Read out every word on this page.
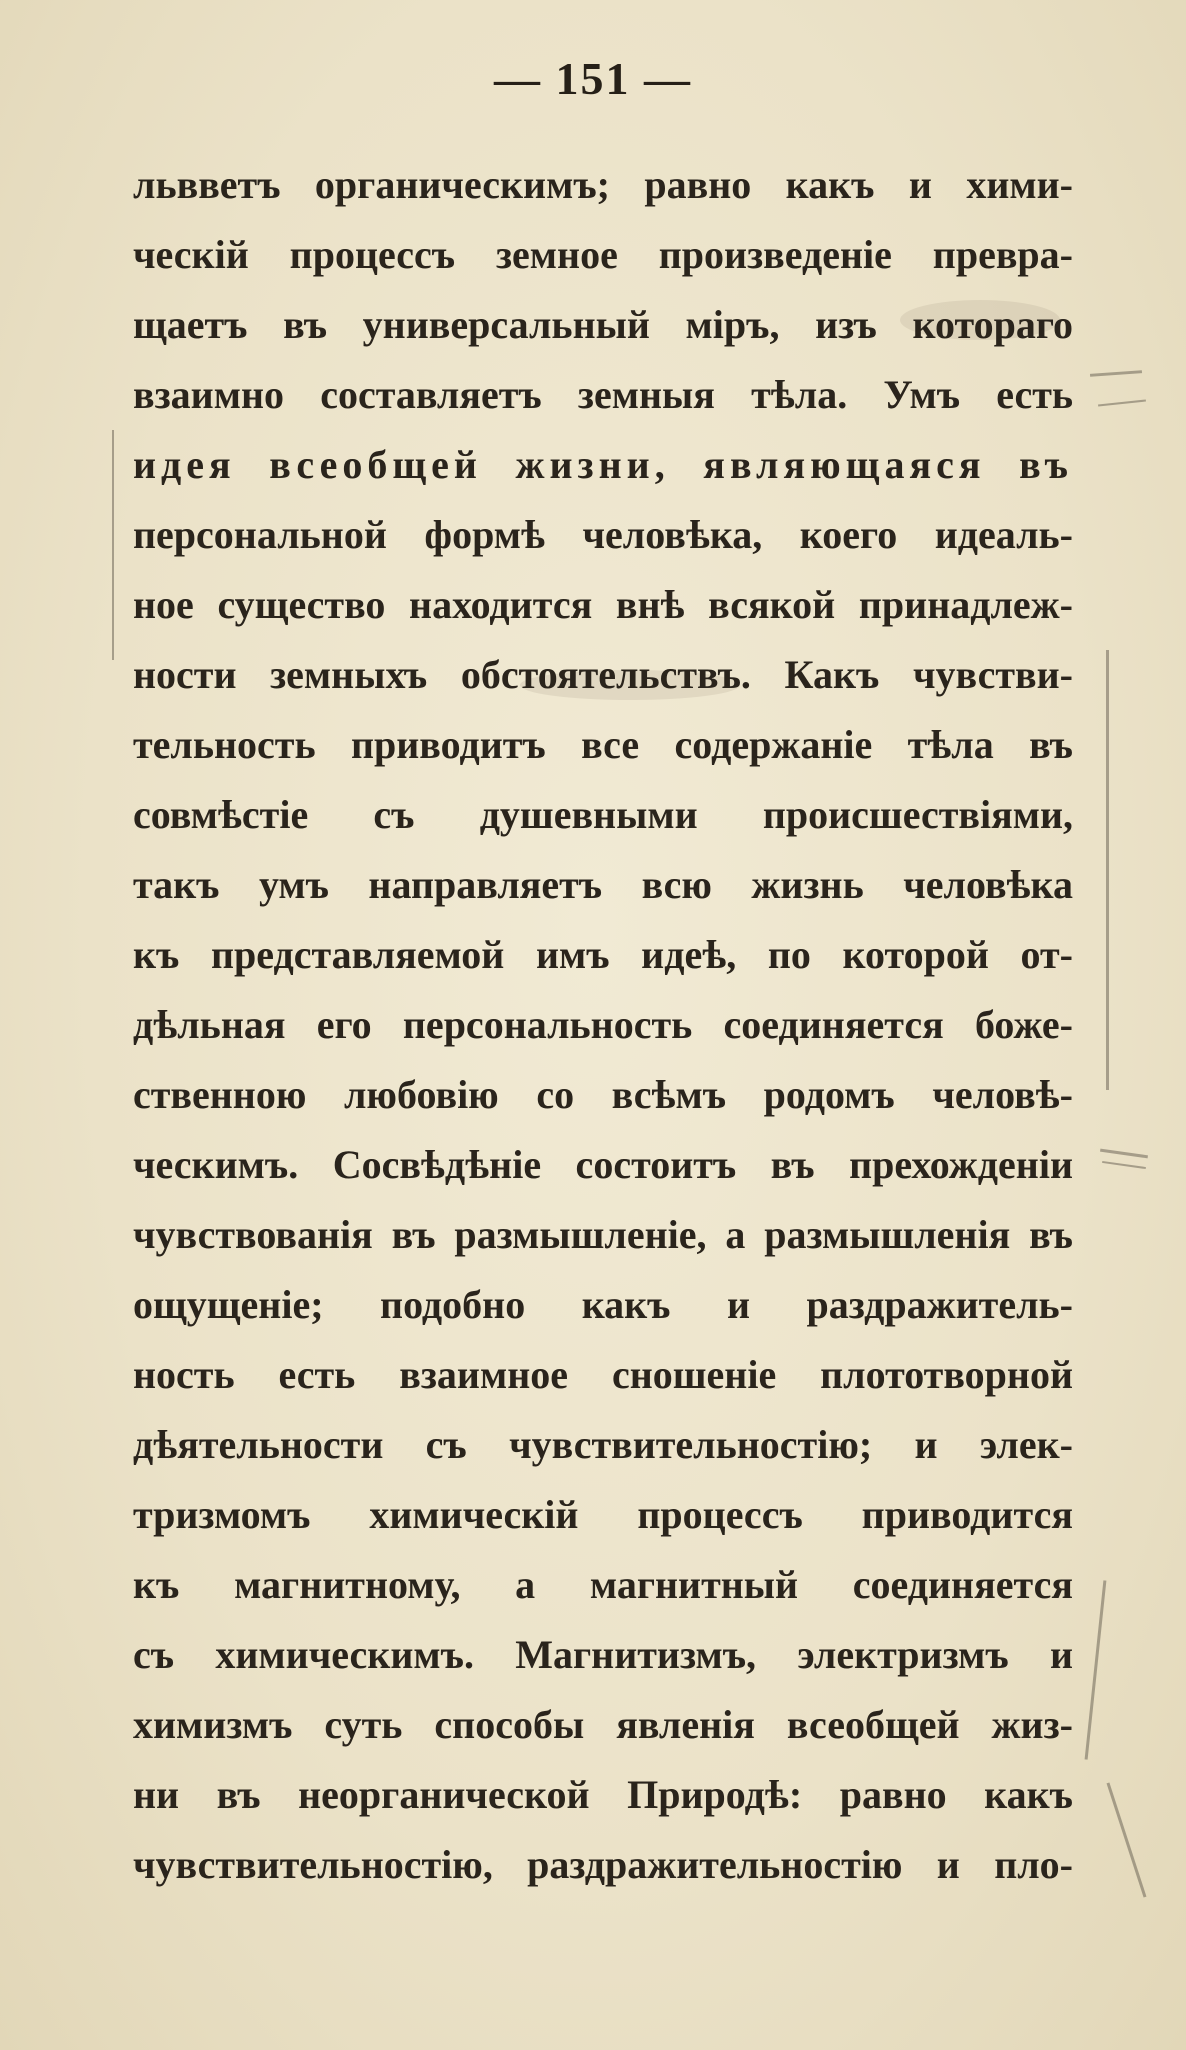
— 151 —
львветъ органическимъ; равно какъ и хими-
ческій процессъ земное произведеніе превра-
щаетъ въ универсальный міръ, изъ котораго
взаимно составляетъ земныя тѣла. Умъ есть
идея всеобщей жизни, являющаяся въ
персональной формѣ человѣка, коего идеаль-
ное существо находится внѣ всякой принадлеж-
ности земныхъ обстоятельствъ. Какъ чувстви-
тельность приводитъ все содержаніе тѣла въ
совмѣстіе съ душевными происшествіями,
такъ умъ направляетъ всю жизнь человѣка
къ представляемой имъ идеѣ, по которой от-
дѣльная его персональность соединяется боже-
ственною любовію со всѣмъ родомъ человѣ-
ческимъ. Сосвѣдѣніе состоитъ въ прехожденіи
чувствованія въ размышленіе, а размышленія въ
ощущеніе; подобно какъ и раздражитель-
ность есть взаимное сношеніе плототворной
дѣятельности съ чувствительностію; и элек-
тризмомъ химическій процессъ приводится
къ магнитному, а магнитный соединяется
съ химическимъ. Магнитизмъ, электризмъ и
химизмъ суть способы явленія всеобщей жиз-
ни въ неорганической Природѣ: равно какъ
чувствительностію, раздражительностію и пло-
